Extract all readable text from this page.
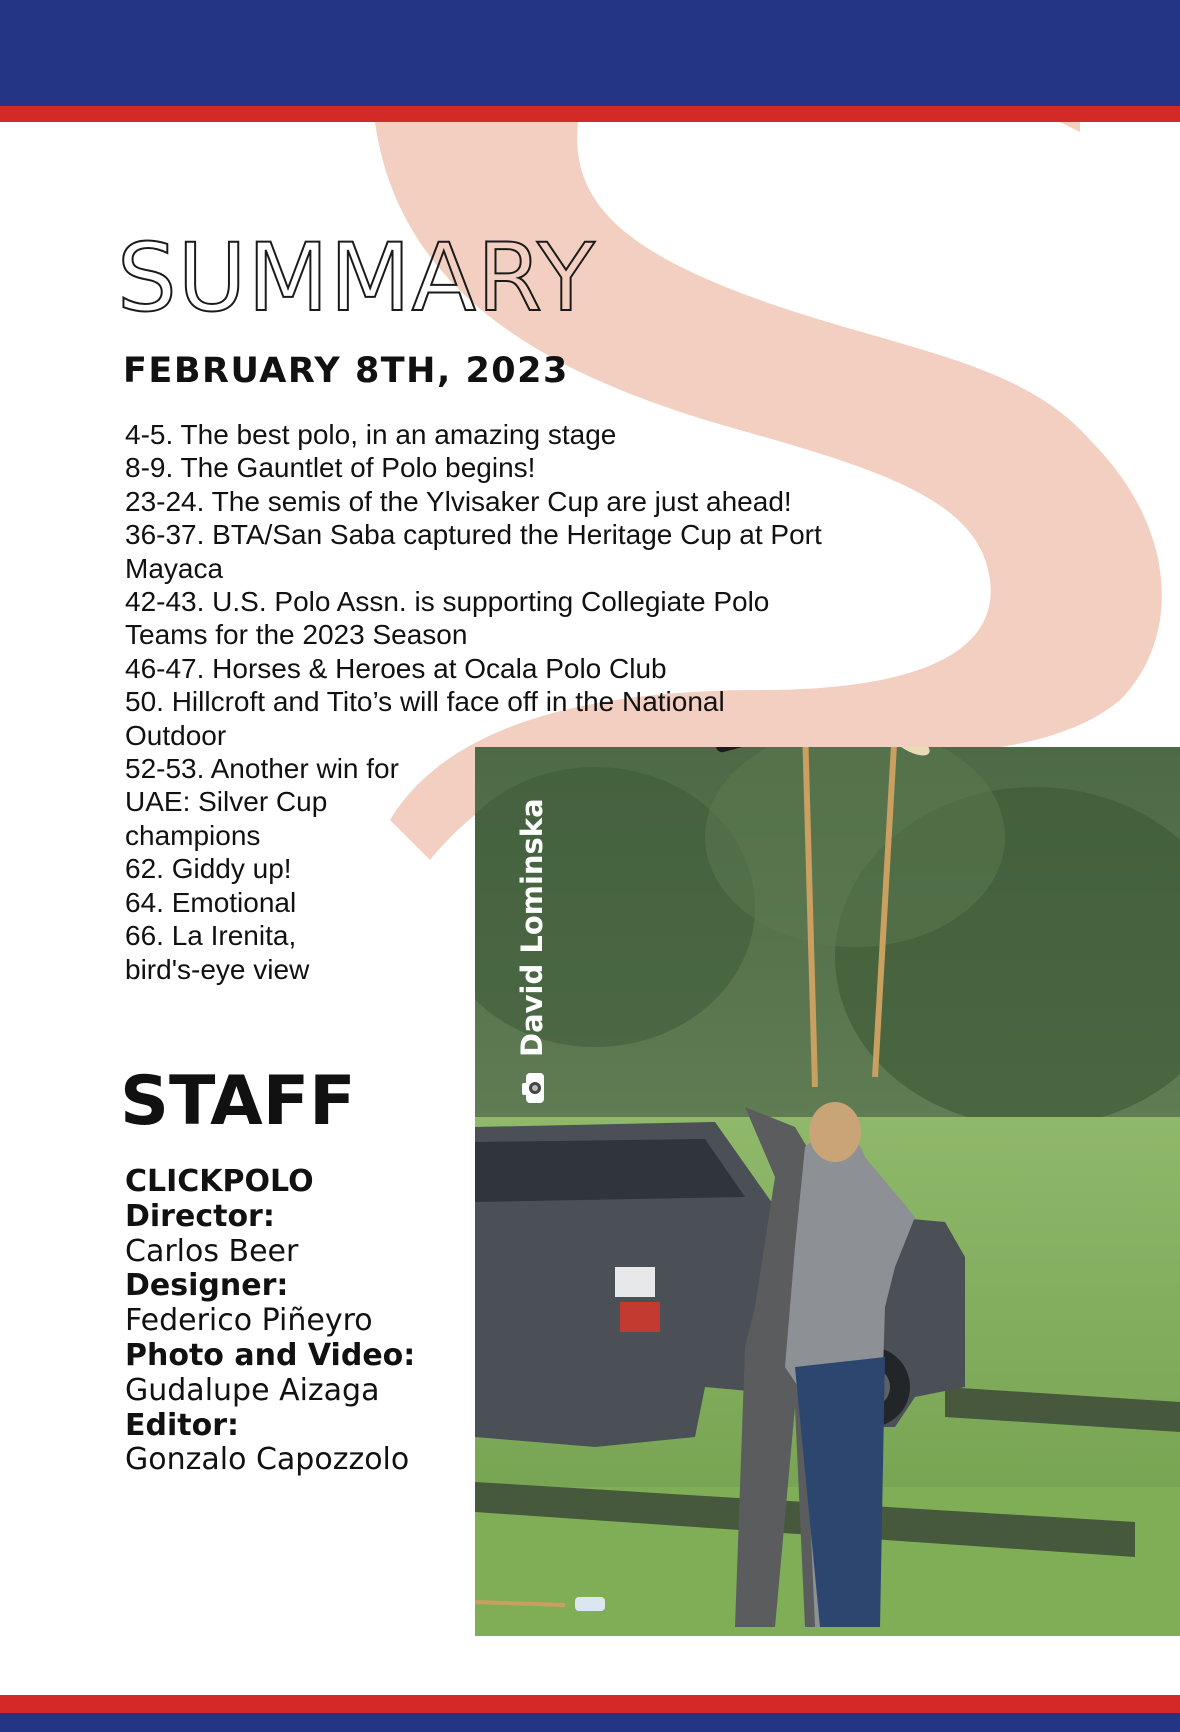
SUMMARY
FEBRUARY 8TH, 2023
4-5. The best polo, in an amazing stage
8-9. The Gauntlet of Polo begins!
23-24. The semis of the Ylvisaker Cup are just ahead!
36-37. BTA/San Saba captured the Heritage Cup at Port Mayaca
42-43. U.S. Polo Assn. is supporting Collegiate Polo Teams for the 2023 Season
46-47. Horses & Heroes at Ocala Polo Club
50. Hillcroft and Tito’s will face off in the National Outdoor
52-53. Another win for UAE: Silver Cup champions
62. Giddy up!
64. Emotional
66. La Irenita, bird's-eye view
STAFF
CLICKPOLO
Director:
Carlos Beer
Designer:
Federico Piñeyro
Photo and Video:
Gudalupe Aizaga
Editor:
Gonzalo Capozzolo
David Lominska
